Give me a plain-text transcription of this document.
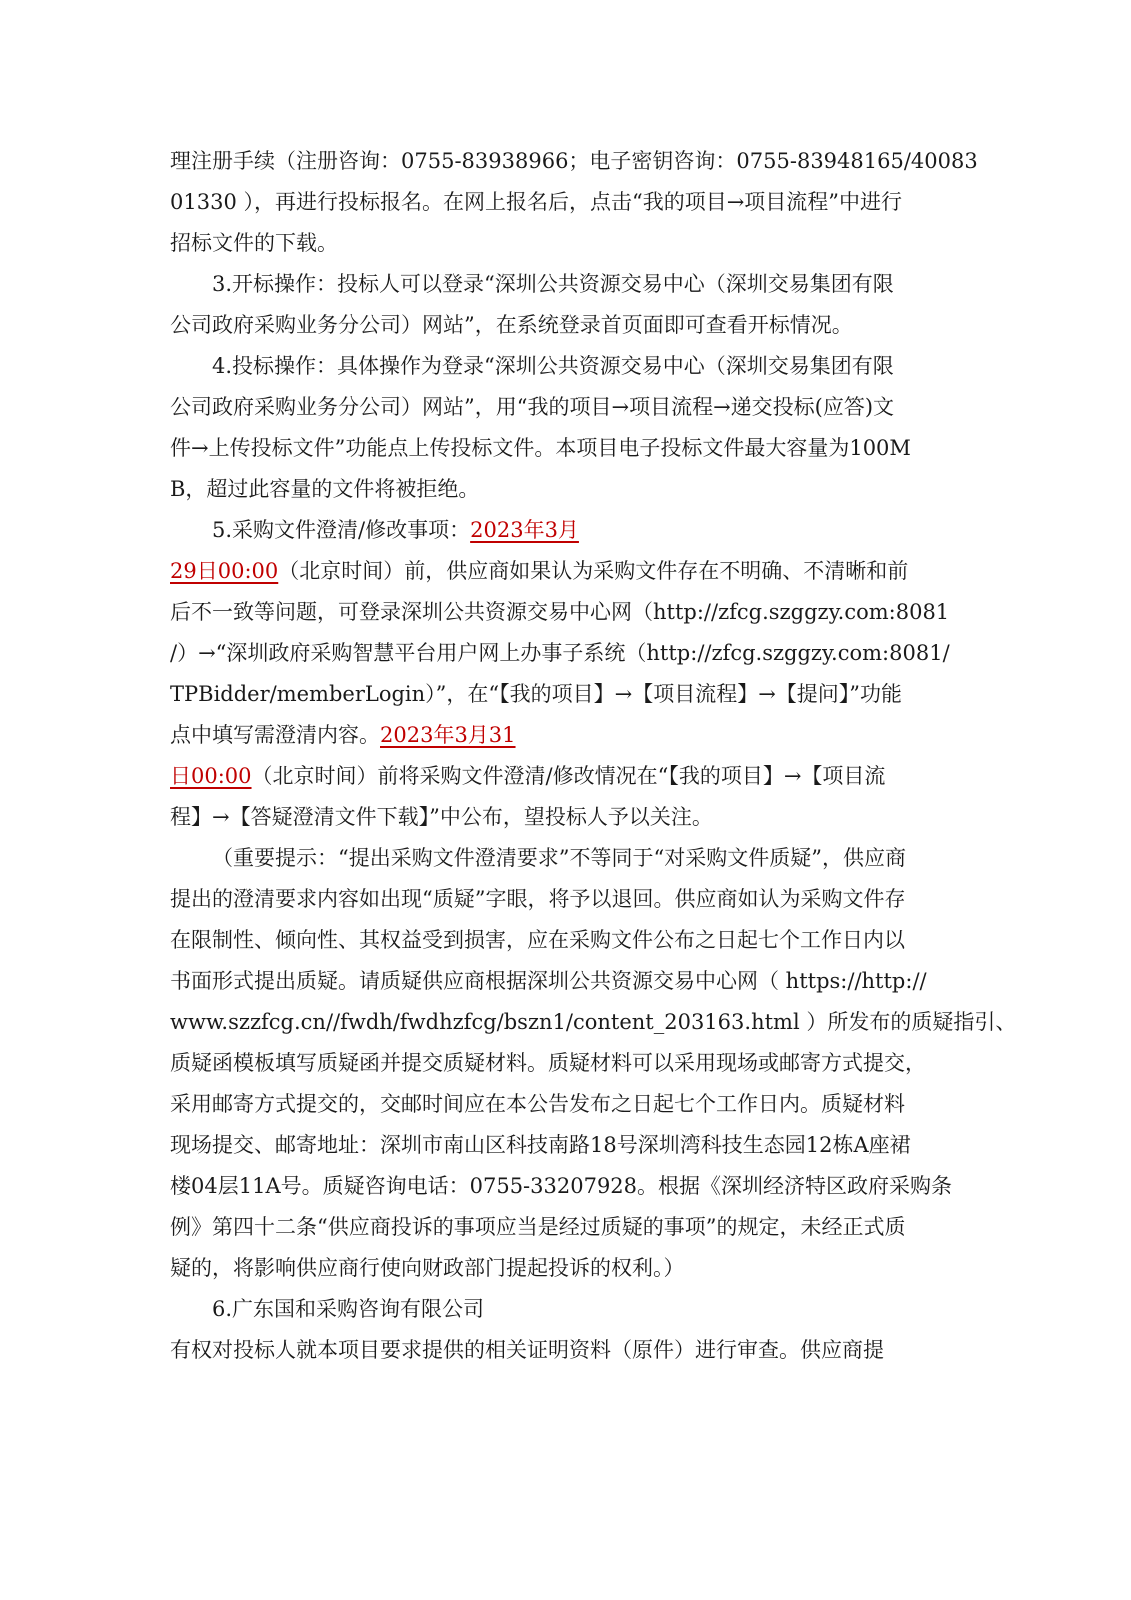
理注册手续（注册咨询：0755-83938966；电子密钥咨询：0755-83948165/40083
01330 ），再进行投标报名。在网上报名后，点击“我的项目→项目流程”中进行
招标文件的下载。
3.开标操作：投标人可以登录“深圳公共资源交易中心（深圳交易集团有限
公司政府采购业务分公司）网站”，在系统登录首页面即可查看开标情况。
4.投标操作：具体操作为登录“深圳公共资源交易中心（深圳交易集团有限
公司政府采购业务分公司）网站”，用“我的项目→项目流程→递交投标(应答)文
件→上传投标文件”功能点上传投标文件。本项目电子投标文件最大容量为100M
B，超过此容量的文件将被拒绝。
5.采购文件澄清/修改事项：2023年3月
29日00:00（北京时间）前，供应商如果认为采购文件存在不明确、不清晰和前
后不一致等问题，可登录深圳公共资源交易中心网（http://zfcg.szggzy.com:8081
/）→“深圳政府采购智慧平台用户网上办事子系统（http://zfcg.szggzy.com:8081/
TPBidder/memberLogin）”，在“【我的项目】→【项目流程】→【提问】”功能
点中填写需澄清内容。2023年3月31
日00:00（北京时间）前将采购文件澄清/修改情况在“【我的项目】→【项目流
程】→【答疑澄清文件下载】”中公布，望投标人予以关注。
（重要提示：“提出采购文件澄清要求”不等同于“对采购文件质疑”，供应商
提出的澄清要求内容如出现“质疑”字眼，将予以退回。供应商如认为采购文件存
在限制性、倾向性、其权益受到损害，应在采购文件公布之日起七个工作日内以
书面形式提出质疑。请质疑供应商根据深圳公共资源交易中心网（ https://http://
www.szzfcg.cn//fwdh/fwdhzfcg/bszn1/content_203163.html ）所发布的质疑指引、
质疑函模板填写质疑函并提交质疑材料。质疑材料可以采用现场或邮寄方式提交，
采用邮寄方式提交的，交邮时间应在本公告发布之日起七个工作日内。质疑材料
现场提交、邮寄地址：深圳市南山区科技南路18号深圳湾科技生态园12栋A座裙
楼04层11A号。质疑咨询电话：0755-33207928。根据《深圳经济特区政府采购条
例》第四十二条“供应商投诉的事项应当是经过质疑的事项”的规定，未经正式质
疑的，将影响供应商行使向财政部门提起投诉的权利。）
6.广东国和采购咨询有限公司
有权对投标人就本项目要求提供的相关证明资料（原件）进行审查。供应商提
